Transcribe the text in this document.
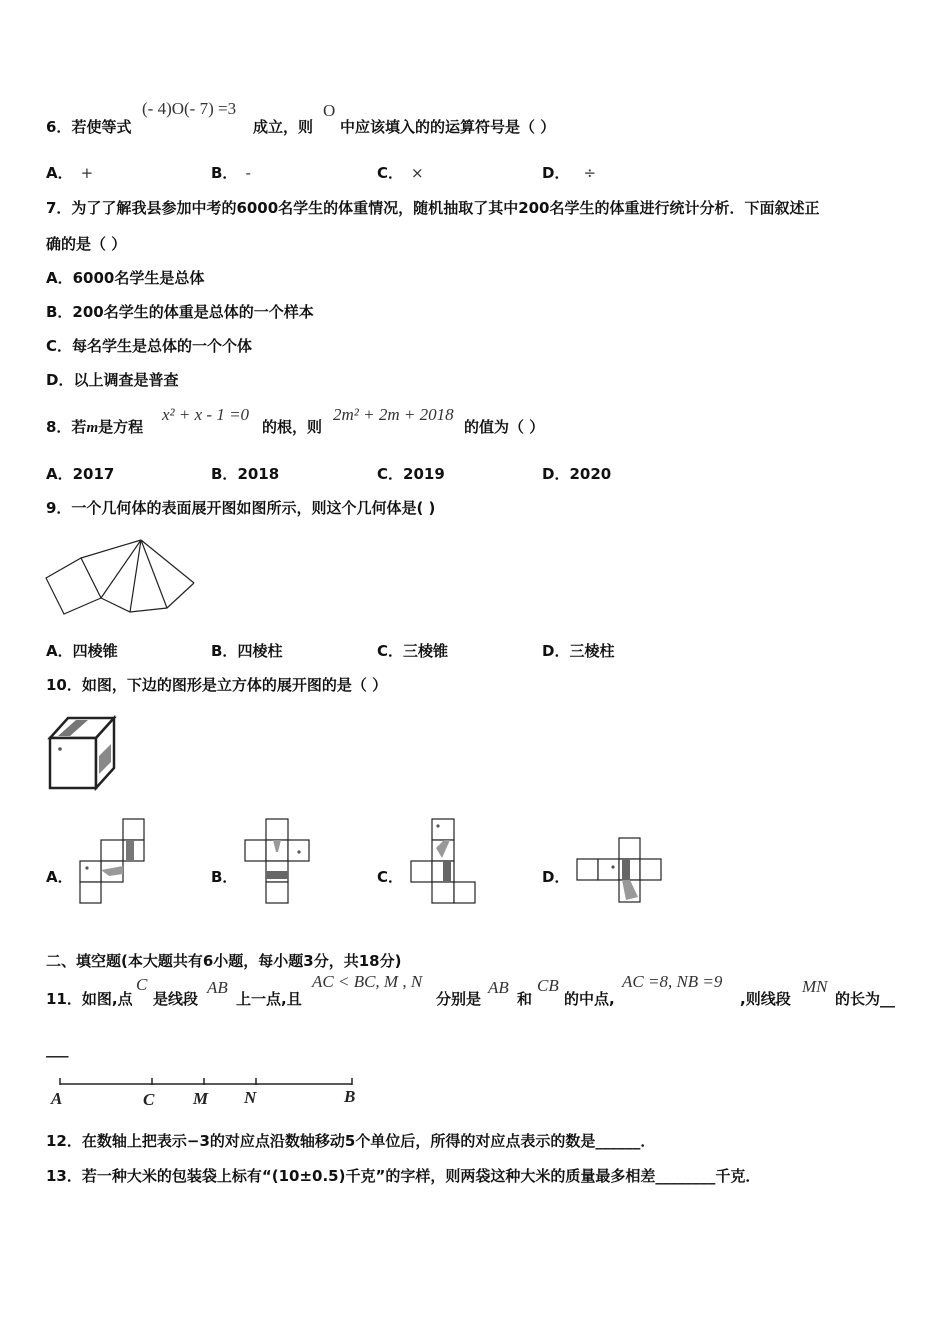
6．若使等式
(- 4)O(- 7) =3
成立，则
O
中应该填入的的运算符号是（ ）
A． +	B． -	C． ×	D． ÷
7．为了了解我县参加中考的6000名学生的体重情况，随机抽取了其中200名学生的体重进行统计分析．下面叙述正
确的是（ ）
A．6000名学生是总体
B．200名学生的体重是总体的一个样本
C．每名学生是总体的一个个体
D．以上调查是普查
8．若m是方程
x² + x - 1 =0
的根，则
2m² + 2m + 2018
的值为（ ）
A．2017	B．2018	C．2019	D．2020
9．一个几何体的表面展开图如图所示，则这个几何体是( )
A．四棱锥	B．四棱柱	C．三棱锥	D．三棱柱
10．如图，下边的图形是立方体的展开图的是（ ）
A．	B．	C．	D．
二、填空题(本大题共有6小题，每小题3分，共18分)
11．如图,点
C
是线段
AB
上一点,且
AC < BC, M , N
分别是
AB
和
CB
的中点,
AC =8, NB =9
,则线段
MN
的长为__
___
A	C M N	B
12．在数轴上把表示−3的对应点沿数轴移动5个单位后，所得的对应点表示的数是______．
13．若一种大米的包装袋上标有“(10±0.5)千克”的字样，则两袋这种大米的质量最多相差________千克．
